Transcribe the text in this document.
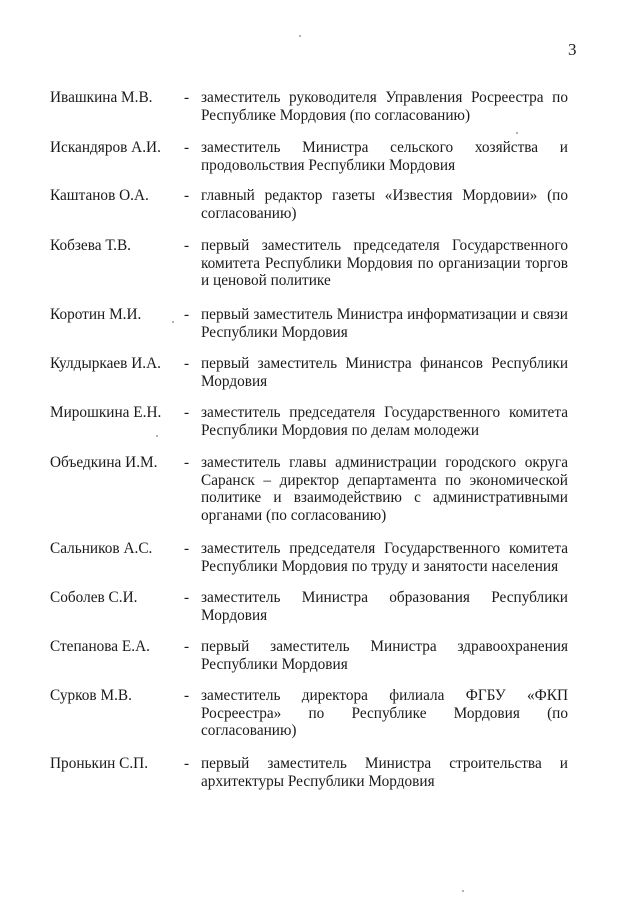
3
Ивашкина М.В. - заместитель руководителя Управления Росреестра по Республике Мордовия (по согласованию)
Искандяров А.И. - заместитель Министра сельского хозяйства и продовольствия Республики Мордовия
Каштанов О.А. - главный редактор газеты «Известия Мордовии» (по согласованию)
Кобзева Т.В.	- первый заместитель председателя Государственного комитета Республики Мордовия по организации торгов и ценовой политике
Коротин М.И.	- первый заместитель Министра информатизации и связи Республики Мордовия
Кулдыркаев И.А. - первый заместитель Министра финансов Республики Мордовия
Мирошкина Е.Н. - заместитель председателя Государственного комитета Республики Мордовия по делам молодежи
Объедкина И.М. - заместитель главы администрации городского округа Саранск – директор департамента по экономической политике и взаимодействию с административными органами (по согласованию)
Сальников А.С. - заместитель председателя Государственного комитета Республики Мордовия по труду и занятости населения
Соболев С.И.	- заместитель Министра образования Республики Мордовия
Степанова Е.А. - первый заместитель Министра здравоохранения Республики Мордовия
Сурков М.В.	- заместитель директора филиала ФГБУ «ФКП Росреестра» по Республике Мордовия (по согласованию)
Пронькин С.П. - первый заместитель Министра строительства и архитектуры Республики Мордовия
